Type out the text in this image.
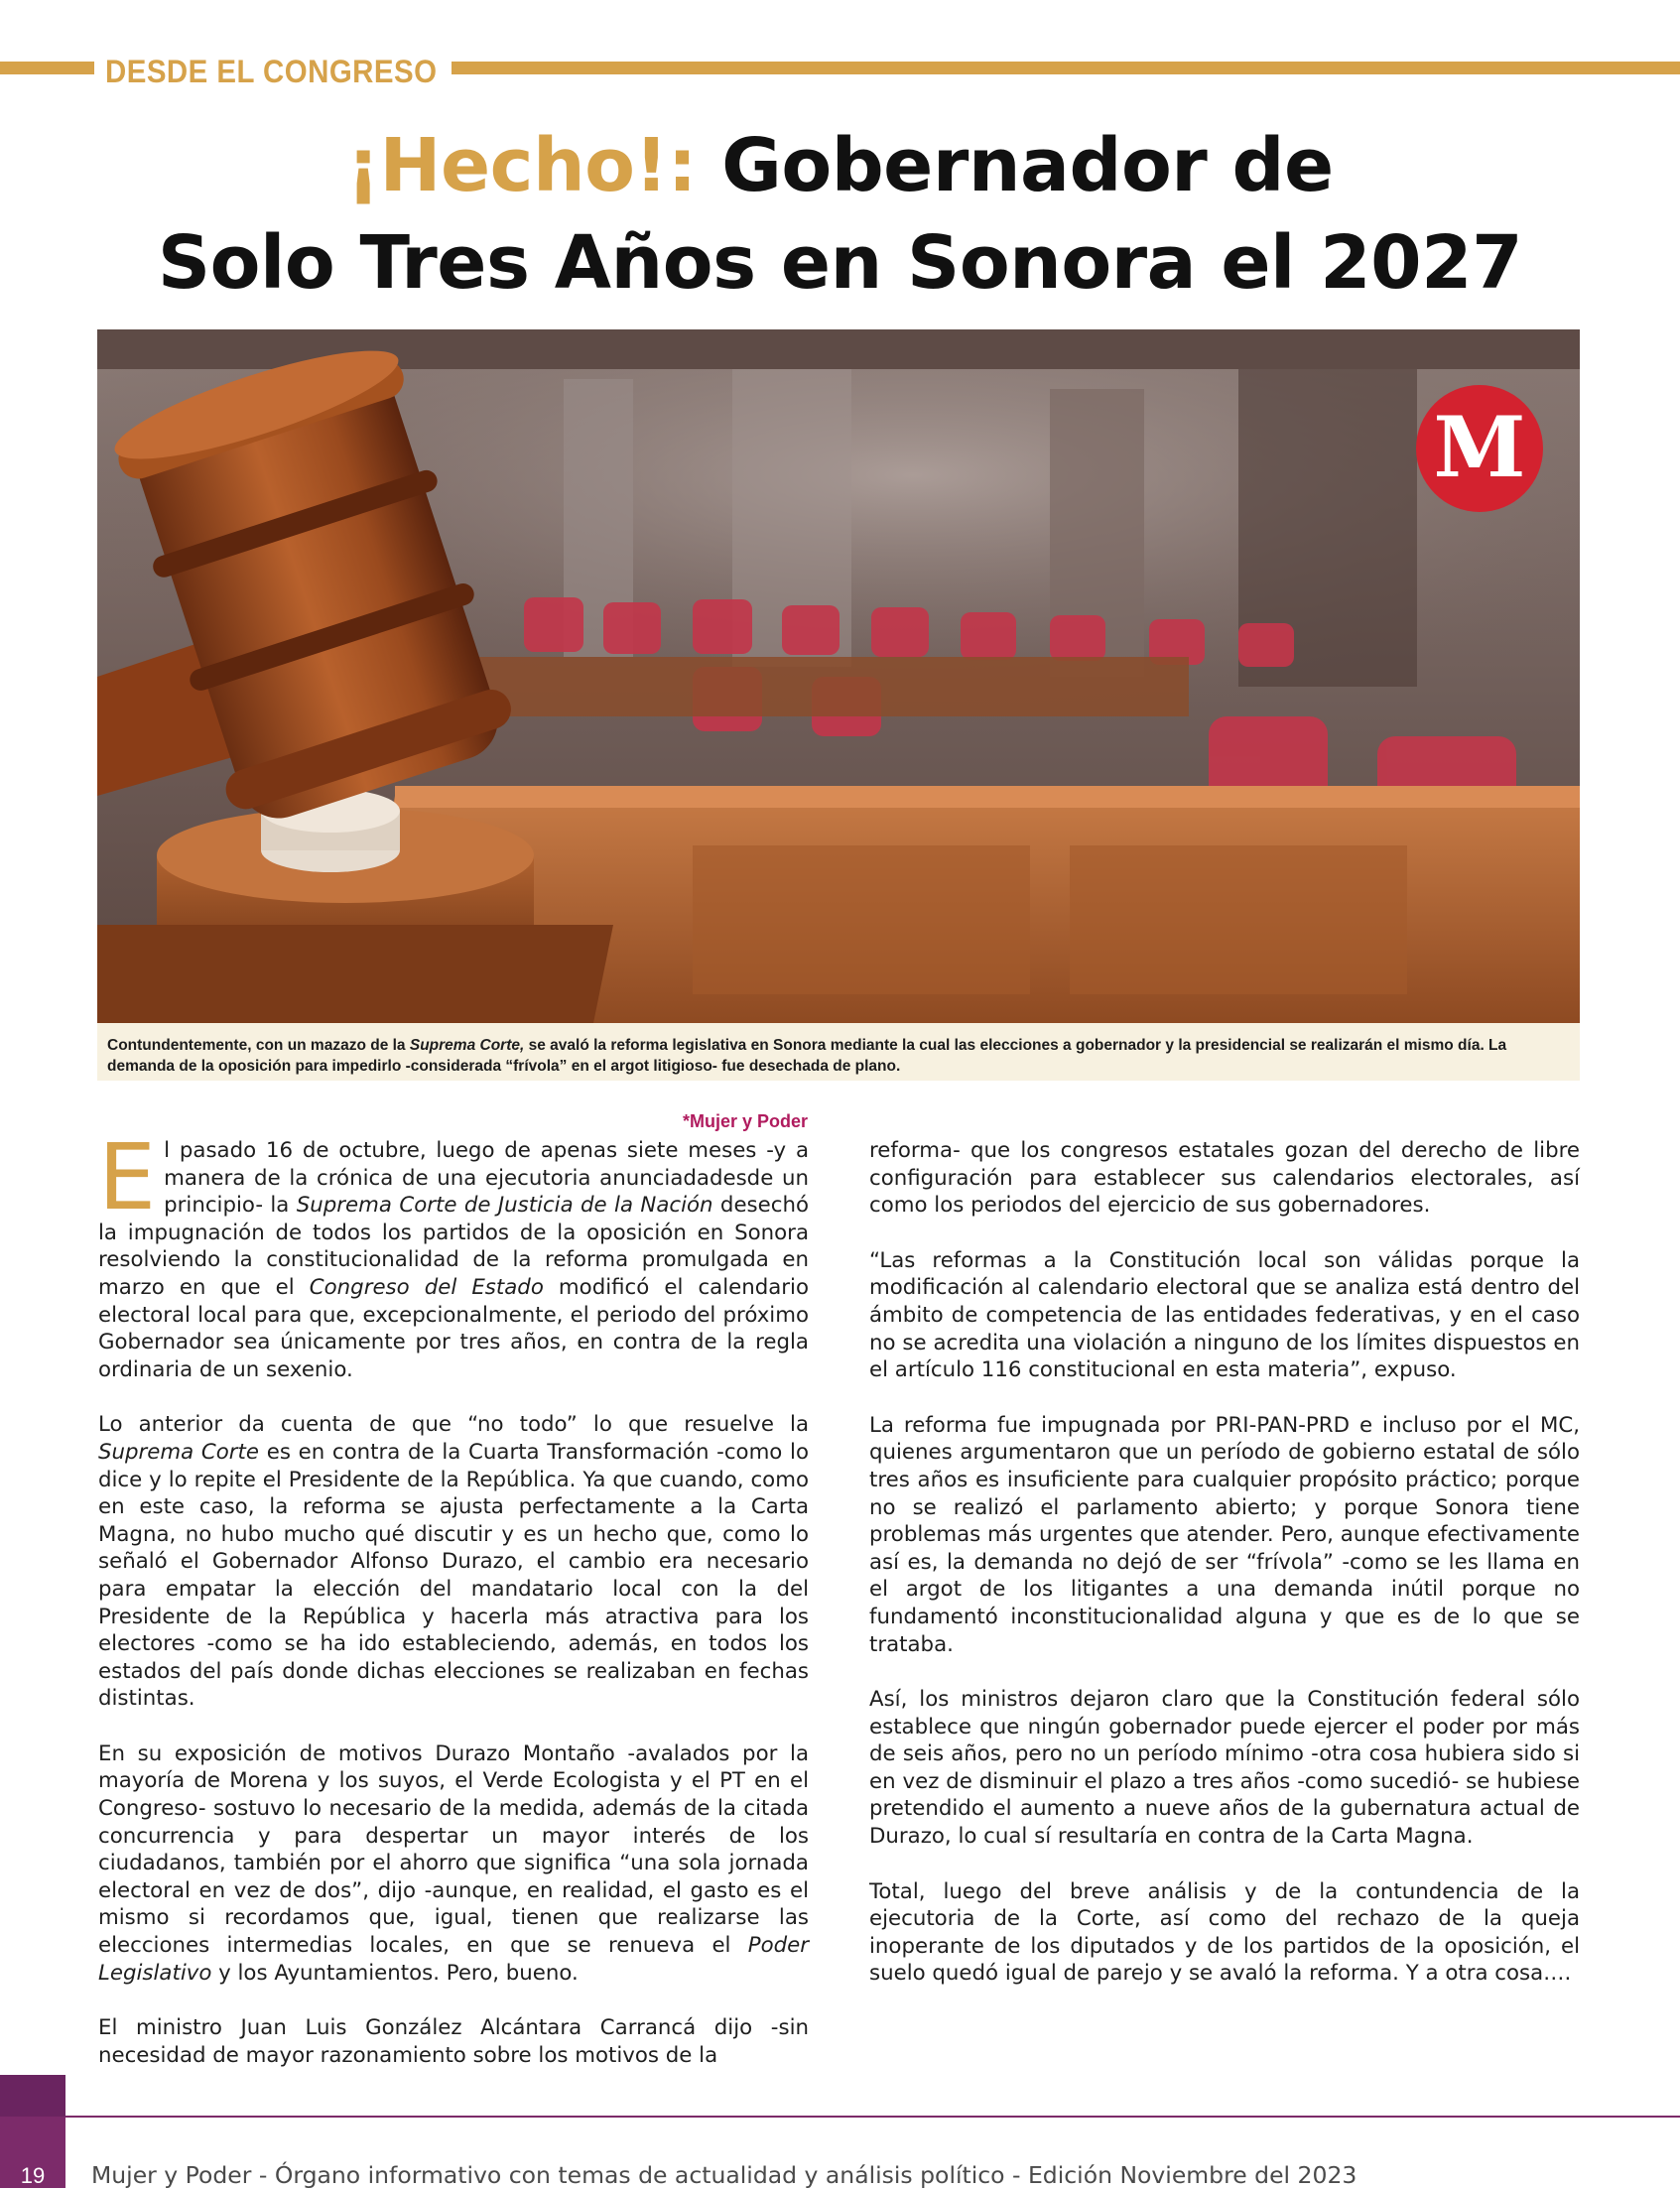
DESDE EL CONGRESO
¡Hecho!: Gobernador de
Solo Tres Años en Sonora el 2027
M
Contundentemente, con un mazazo de la Suprema Corte, se avaló la reforma legislativa en Sonora mediante la cual las elecciones a gobernador y la presidencial se realizarán el mismo día. La demanda de la oposición para impedirlo -considerada “frívola” en el argot litigioso- fue desechada de plano.
*Mujer y Poder

El pasado 16 de octubre, luego de apenas siete meses -y a manera de la crónica de una ejecutoria anunciadadesde un principio- la Suprema Corte de Justicia de la Nación desechó la impugnación de todos los partidos de la oposición en Sonora resolviendo la constitucionalidad de la reforma promulgada en marzo en que el Congreso del Estado modificó el calendario electoral local para que, excepcionalmente, el periodo del próximo Gobernador sea únicamente por tres años, en contra de la regla ordinaria de un sexenio.

Lo anterior da cuenta de que “no todo” lo que resuelve la Suprema Corte es en contra de la Cuarta Transformación -como lo dice y lo repite el Presidente de la República. Ya que cuando, como en este caso, la reforma se ajusta perfectamente a la Carta Magna, no hubo mucho qué discutir y es un hecho que, como lo señaló el Gobernador Alfonso Durazo, el cambio era necesario para empatar la elección del mandatario local con la del Presidente de la República y hacerla más atractiva para los electores -como se ha ido estableciendo, además, en todos los estados del país donde dichas elecciones se realizaban en fechas distintas.

En su exposición de motivos Durazo Montaño -avalados por la mayoría de Morena y los suyos, el Verde Ecologista y el PT en el Congreso- sostuvo lo necesario de la medida, además de la citada concurrencia y para despertar un mayor interés de los ciudadanos, también por el ahorro que significa “una sola jornada electoral en vez de dos”, dijo -aunque, en realidad, el gasto es el mismo si recordamos que, igual, tienen que realizarse las elecciones intermedias locales, en que se renueva el Poder Legislativo y los Ayuntamientos. Pero, bueno.

El ministro Juan Luis González Alcántara Carrancá dijo -sin necesidad de mayor razonamiento sobre los motivos de la

reforma- que los congresos estatales gozan del derecho de libre configuración para establecer sus calendarios electorales, así como los periodos del ejercicio de sus gobernadores.

“Las reformas a la Constitución local son válidas porque la modificación al calendario electoral que se analiza está dentro del ámbito de competencia de las entidades federativas, y en el caso no se acredita una violación a ninguno de los límites dispuestos en el artículo 116 constitucional en esta materia”, expuso.

La reforma fue impugnada por PRI-PAN-PRD e incluso por el MC, quienes argumentaron que un período de gobierno estatal de sólo tres años es insuficiente para cualquier propósito práctico; porque no se realizó el parlamento abierto; y porque Sonora tiene problemas más urgentes que atender. Pero, aunque efectivamente así es, la demanda no dejó de ser “frívola” -como se les llama en el argot de los litigantes a una demanda inútil porque no fundamentó inconstitucionalidad alguna y que es de lo que se trataba.

Así, los ministros dejaron claro que la Constitución federal sólo establece que ningún gobernador puede ejercer el poder por más de seis años, pero no un período mínimo -otra cosa hubiera sido si en vez de disminuir el plazo a tres años -como sucedió- se hubiese pretendido el aumento a nueve años de la gubernatura actual de Durazo, lo cual sí resultaría en contra de la Carta Magna.

Total, luego del breve análisis y de la contundencia de la ejecutoria de la Corte, así como del rechazo de la queja inoperante de los diputados y de los partidos de la oposición, el suelo quedó igual de parejo y se avaló la reforma. Y a otra cosa….

19	Mujer y Poder - Órgano informativo con temas de actualidad y análisis político - Edición Noviembre del 2023
